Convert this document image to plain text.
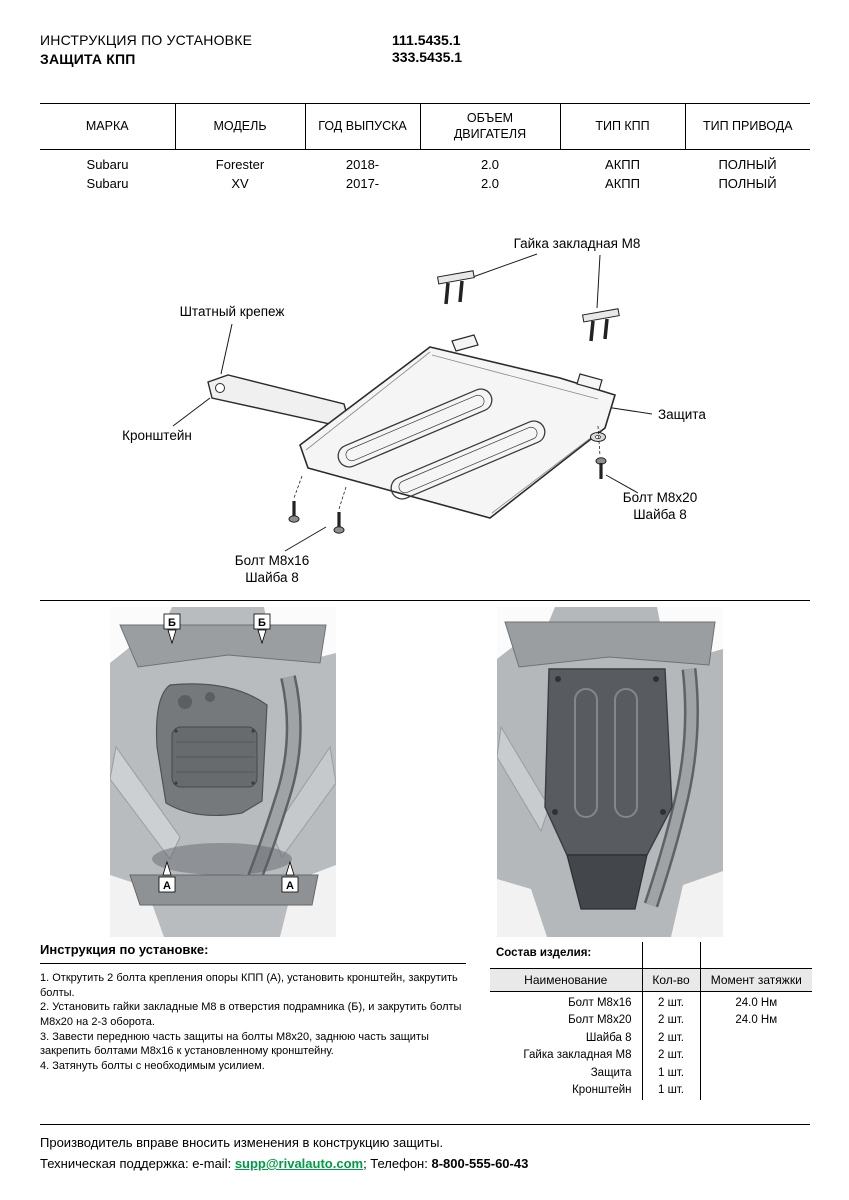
ИНСТРУКЦИЯ ПО УСТАНОВКЕ
ЗАЩИТА КПП
111.5435.1
333.5435.1
МАРКА	МОДЕЛЬ	ГОД ВЫПУСКА	ОБЪЕМ ДВИГАТЕЛЯ	ТИП КПП	ТИП ПРИВОДА
Subaru	Forester	2018-	2.0	АКПП	ПОЛНЫЙ
Subaru	XV	2017-	2.0	АКПП	ПОЛНЫЙ
Гайка закладная М8
Штатный крепеж
Защита
Кронштейн
Болт М8х20
Шайба 8
Болт М8х16
Шайба 8
Б	Б
А	А
Инструкция по установке:

1. Открутить 2 болта крепления опоры КПП (А), установить кронштейн, закрутить болты.

2. Установить гайки закладные М8 в отверстия подрамника (Б), и закрутить болты М8х20 на 2-3 оборота.

3. Завести переднюю часть защиты на болты М8х20, заднюю часть защиты закрепить болтами М8х16 к установленному кронштейну.

4. Затянуть болты с необходимым усилием.

Состав изделия:		
Наименование	Кол-во	Момент затяжки
Болт М8х16	2 шт.	24.0 Нм
Болт М8х20	2 шт.	24.0 Нм
Шайба 8	2 шт.	
Гайка закладная М8	2 шт.	
Защита	1 шт.	
Кронштейн	1 шт.	
Производитель вправе вносить изменения в конструкцию защиты.
Техническая поддержка: e-mail: supp@rivalauto.com; Телефон: 8-800-555-60-43
